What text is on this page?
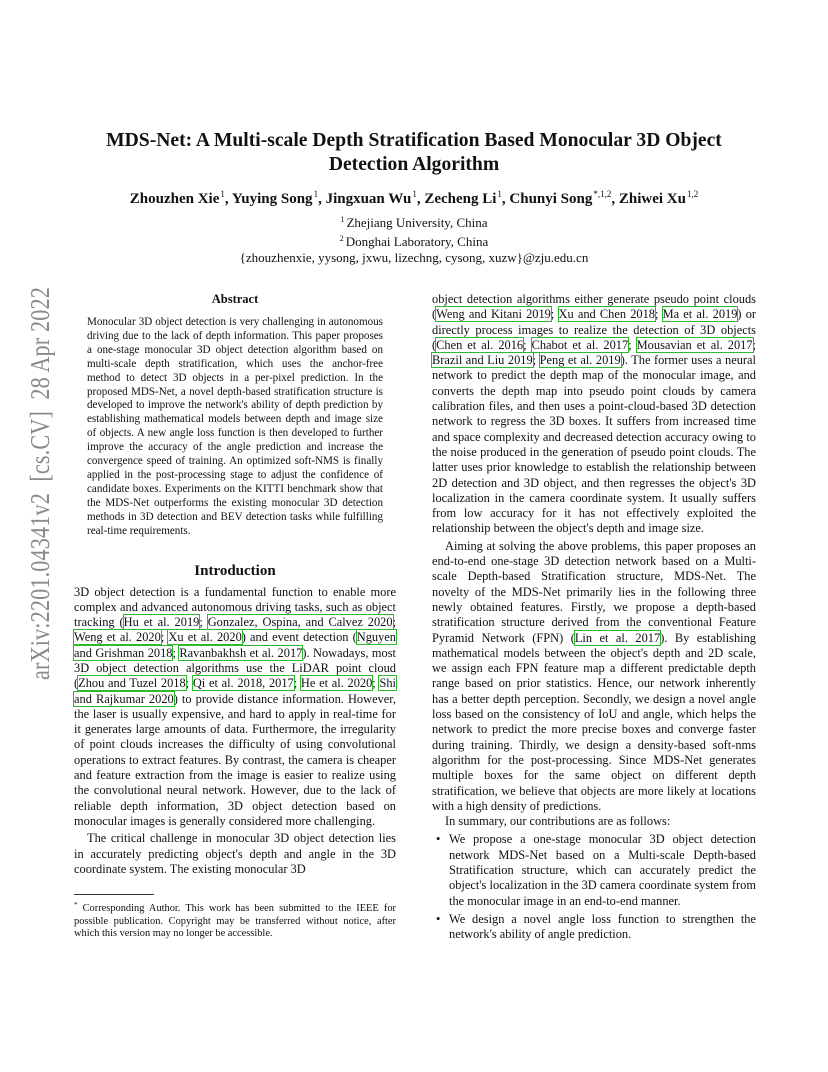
arXiv:2201.04341v2  [cs.CV]  28 Apr 2022
MDS-Net: A Multi-scale Depth Stratification Based Monocular 3D Object Detection Algorithm
Zhouzhen Xie$^1$, Yuying Song$^1$, Jingxuan Wu$^1$, Zecheng Li$^1$, Chunyi Song$^{*,1,2}$, Zhiwei Xu$^{1,2}$
$^1$ Zhejiang University, China
$^2$ Donghai Laboratory, China
{zhouzhenxie, yysong, jxwu, lizechng, cysong, xuzw}@zju.edu.cn
Abstract
Monocular 3D object detection is very challenging in autonomous driving due to the lack of depth information. This paper proposes a one-stage monocular 3D object detection algorithm based on multi-scale depth stratification, which uses the anchor-free method to detect 3D objects in a per-pixel prediction. In the proposed MDS-Net, a novel depth-based stratification structure is developed to improve the network's ability of depth prediction by establishing mathematical models between depth and image size of objects. A new angle loss function is then developed to further improve the accuracy of the angle prediction and increase the convergence speed of training. An optimized soft-NMS is finally applied in the post-processing stage to adjust the confidence of candidate boxes. Experiments on the KITTI benchmark show that the MDS-Net outperforms the existing monocular 3D detection methods in 3D detection and BEV detection tasks while fulfilling real-time requirements.
Introduction

3D object detection is a fundamental function to enable more complex and advanced autonomous driving tasks, such as object tracking (Hu et al. 2019; Gonzalez, Ospina, and Calvez 2020; Weng et al. 2020; Xu et al. 2020) and event detection (Nguyen and Grishman 2018; Ravanbakhsh et al. 2017). Nowadays, most 3D object detection algorithms use the LiDAR point cloud (Zhou and Tuzel 2018; Qi et al. 2018, 2017; He et al. 2020; Shi and Rajkumar 2020) to provide distance information. However, the laser is usually expensive, and hard to apply in real-time for it generates large amounts of data. Furthermore, the irregularity of point clouds increases the difficulty of using convolutional operations to extract features. By contrast, the camera is cheaper and feature extraction from the image is easier to realize using the convolutional neural network. However, due to the lack of reliable depth information, 3D object detection based on monocular images is generally considered more challenging.

The critical challenge in monocular 3D object detection lies in accurately predicting object's depth and angle in the 3D coordinate system. The existing monocular 3D

* Corresponding Author. This work has been submitted to the IEEE for possible publication. Copyright may be transferred without notice, after which this version may no longer be accessible.

object detection algorithms either generate pseudo point clouds (Weng and Kitani 2019; Xu and Chen 2018; Ma et al. 2019) or directly process images to realize the detection of 3D objects (Chen et al. 2016; Chabot et al. 2017; Mousavian et al. 2017; Brazil and Liu 2019; Peng et al. 2019). The former uses a neural network to predict the depth map of the monocular image, and converts the depth map into pseudo point clouds by camera calibration files, and then uses a point-cloud-based 3D detection network to regress the 3D boxes. It suffers from increased time and space complexity and decreased detection accuracy owing to the noise produced in the generation of pseudo point clouds. The latter uses prior knowledge to establish the relationship between 2D detection and 3D object, and then regresses the object's 3D localization in the camera coordinate system. It usually suffers from low accuracy for it has not effectively exploited the relationship between the object's depth and image size.

Aiming at solving the above problems, this paper proposes an end-to-end one-stage 3D detection network based on a Multi-scale Depth-based Stratification structure, MDS-Net. The novelty of the MDS-Net primarily lies in the following three newly obtained features. Firstly, we propose a depth-based stratification structure derived from the conventional Feature Pyramid Network (FPN) (Lin et al. 2017). By establishing mathematical models between the object's depth and 2D scale, we assign each FPN feature map a different predictable depth range based on prior statistics. Hence, our network inherently has a better depth perception. Secondly, we design a novel angle loss based on the consistency of IoU and angle, which helps the network to predict the more precise boxes and converge faster during training. Thirdly, we design a density-based soft-nms algorithm for the post-processing. Since MDS-Net generates multiple boxes for the same object on different depth stratification, we believe that objects are more likely at locations with a high density of predictions.

In summary, our contributions are as follows:

• We propose a one-stage monocular 3D object detection network MDS-Net based on a Multi-scale Depth-based Stratification structure, which can accurately predict the object's localization in the 3D camera coordinate system from the monocular image in an end-to-end manner.
• We design a novel angle loss function to strengthen the network's ability of angle prediction.
